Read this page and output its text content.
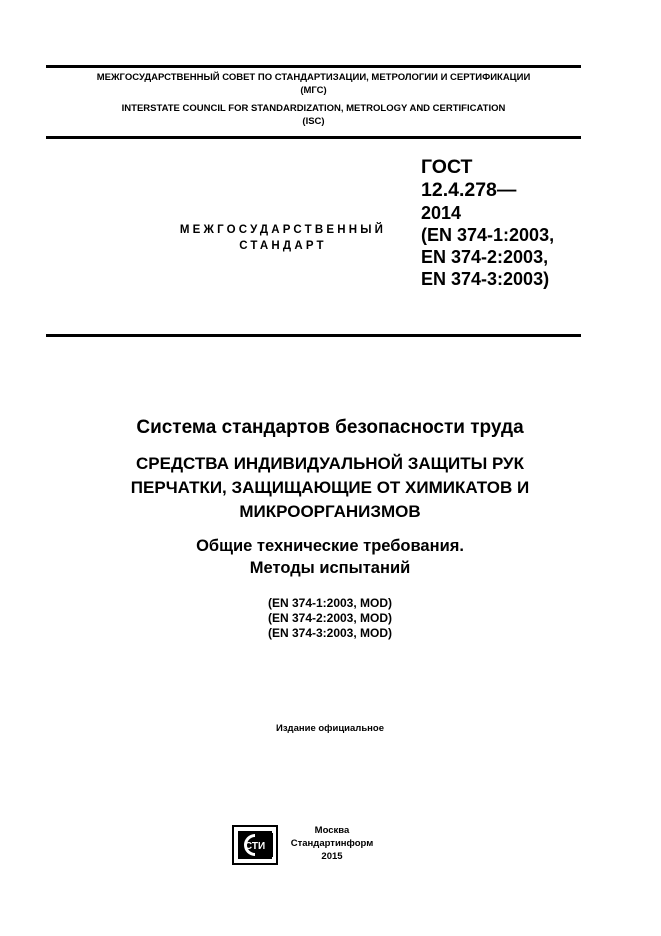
МЕЖГОСУДАРСТВЕННЫЙ СОВЕТ ПО СТАНДАРТИЗАЦИИ, МЕТРОЛОГИИ И СЕРТИФИКАЦИИ
(МГС)
INTERSTATE COUNCIL FOR STANDARDIZATION, METROLOGY AND CERTIFICATION
(ISC)
МЕЖГОСУДАРСТВЕННЫЙ
СТАНДАРТ
ГОСТ
12.4.278—
2014
(EN 374-1:2003,
EN 374-2:2003,
EN 374-3:2003)
Система стандартов безопасности труда
СРЕДСТВА ИНДИВИДУАЛЬНОЙ ЗАЩИТЫ РУК
ПЕРЧАТКИ, ЗАЩИЩАЮЩИЕ ОТ ХИМИКАТОВ И
МИКРООРГАНИЗМОВ
Общие технические требования.
Методы испытаний
(EN 374-1:2003, MOD)
(EN 374-2:2003, MOD)
(EN 374-3:2003, MOD)
Издание официальное
СТИ
Москва
Стандартинформ
2015
